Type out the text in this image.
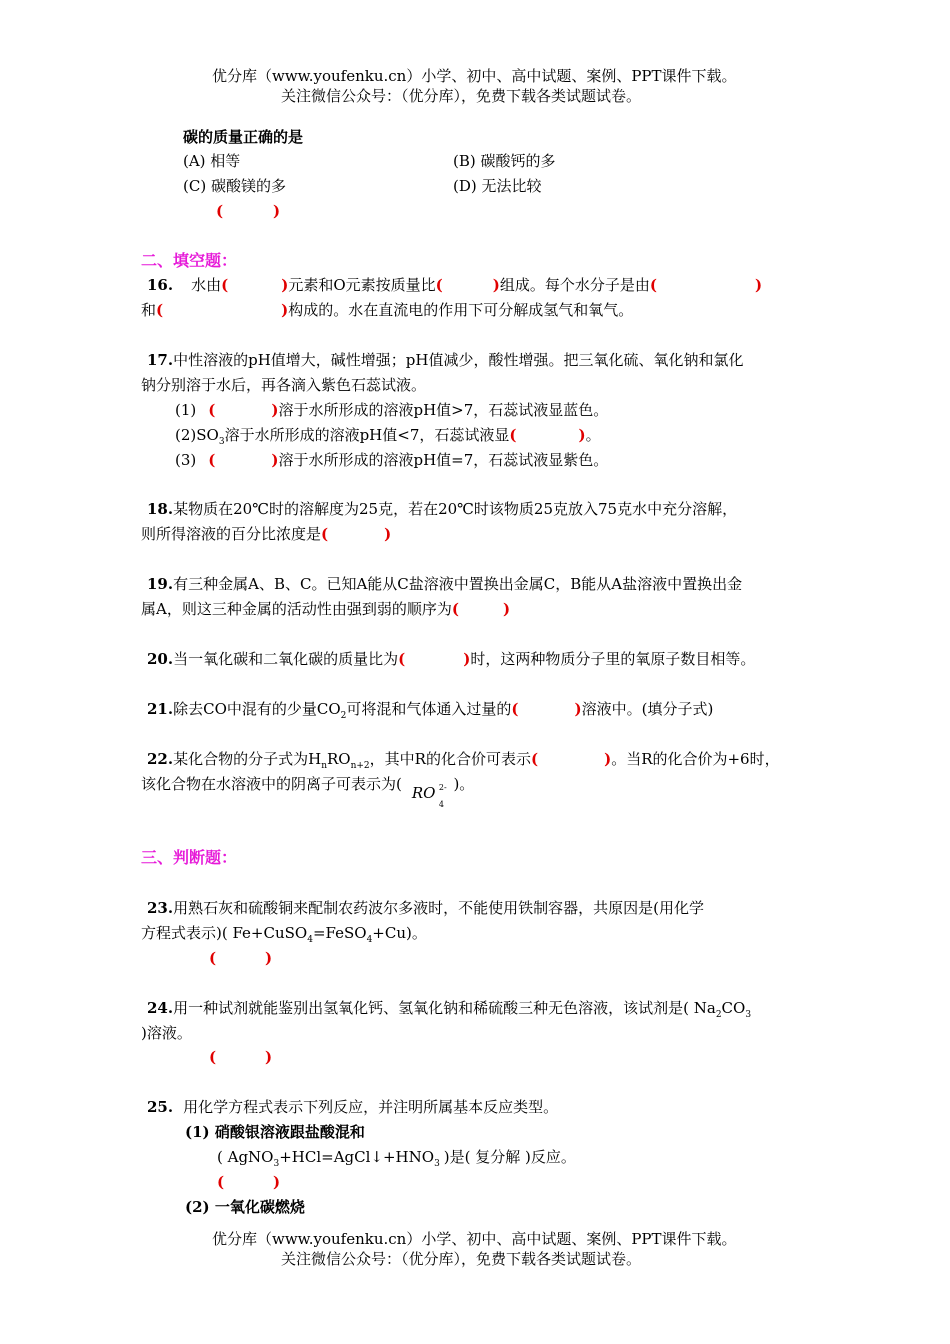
优分库（www.youfenku.cn）小学、初中、高中试题、案例、PPT课件下载。
关注微信公众号：（优分库），免费下载各类试题试卷。
碳的质量正确的是
(A) 相等	(B) 碳酸钙的多
(C) 碳酸镁的多	(D) 无法比较
(	)
二、填空题：
16. 水由(	)元素和O元素按质量比(	)组成。每个水分子是由(	)
和(	)构成的。水在直流电的作用下可分解成氢气和氧气。
17.中性溶液的pH值增大，碱性增强；pH值减少，酸性增强。把三氧化硫、氧化钠和氯化
钠分别溶于水后，再各滴入紫色石蕊试液。
(1) (	)溶于水所形成的溶液pH值>7，石蕊试液显蓝色。
$(2)SO_3$溶于水所形成的溶液pH值<7，石蕊试液显(	)。
(3) (	)溶于水所形成的溶液pH值=7，石蕊试液显紫色。
18.某物质在20℃时的溶解度为25克，若在20℃时该物质25克放入75克水中充分溶解，
则所得溶液的百分比浓度是(	)
19.有三种金属A、B、C。已知A能从C盐溶液中置换出金属C，B能从A盐溶液中置换出金
属A，则这三种金属的活动性由强到弱的顺序为(	)
20.当一氧化碳和二氧化碳的质量比为(	)时，这两种物质分子里的氧原子数目相等。
21.除去CO中混有的少量$CO_2$可将混和气体通入过量的(	)溶液中。(填分子式)
22.某化合物的分子式为$H_nRO_{n+2}$，其中R的化合价可表示(	)。当R的化合价为+6时，
该化合物在水溶液中的阴离子可表示为( RO 2-
4
)。
三、判断题：
23.用熟石灰和硫酸铜来配制农药波尔多液时，不能使用铁制容器，共原因是(用化学
方程式表示)( Fe+CuSO$_4$=FeSO$_4$+Cu)。
(	)
24.用一种试剂就能鉴别出氢氧化钙、氢氧化钠和稀硫酸三种无色溶液，该试剂是( $Na_2CO_3$
)溶液。
(	)
25. 用化学方程式表示下列反应，并注明所属基本反应类型。
(1) 硝酸银溶液跟盐酸混和
( $AgNO_3+HCl=AgCl↓+HNO_3$ )是( 复分解 )反应。
(	)
(2) 一氧化碳燃烧
优分库（www.youfenku.cn）小学、初中、高中试题、案例、PPT课件下载。
关注微信公众号：（优分库），免费下载各类试题试卷。
